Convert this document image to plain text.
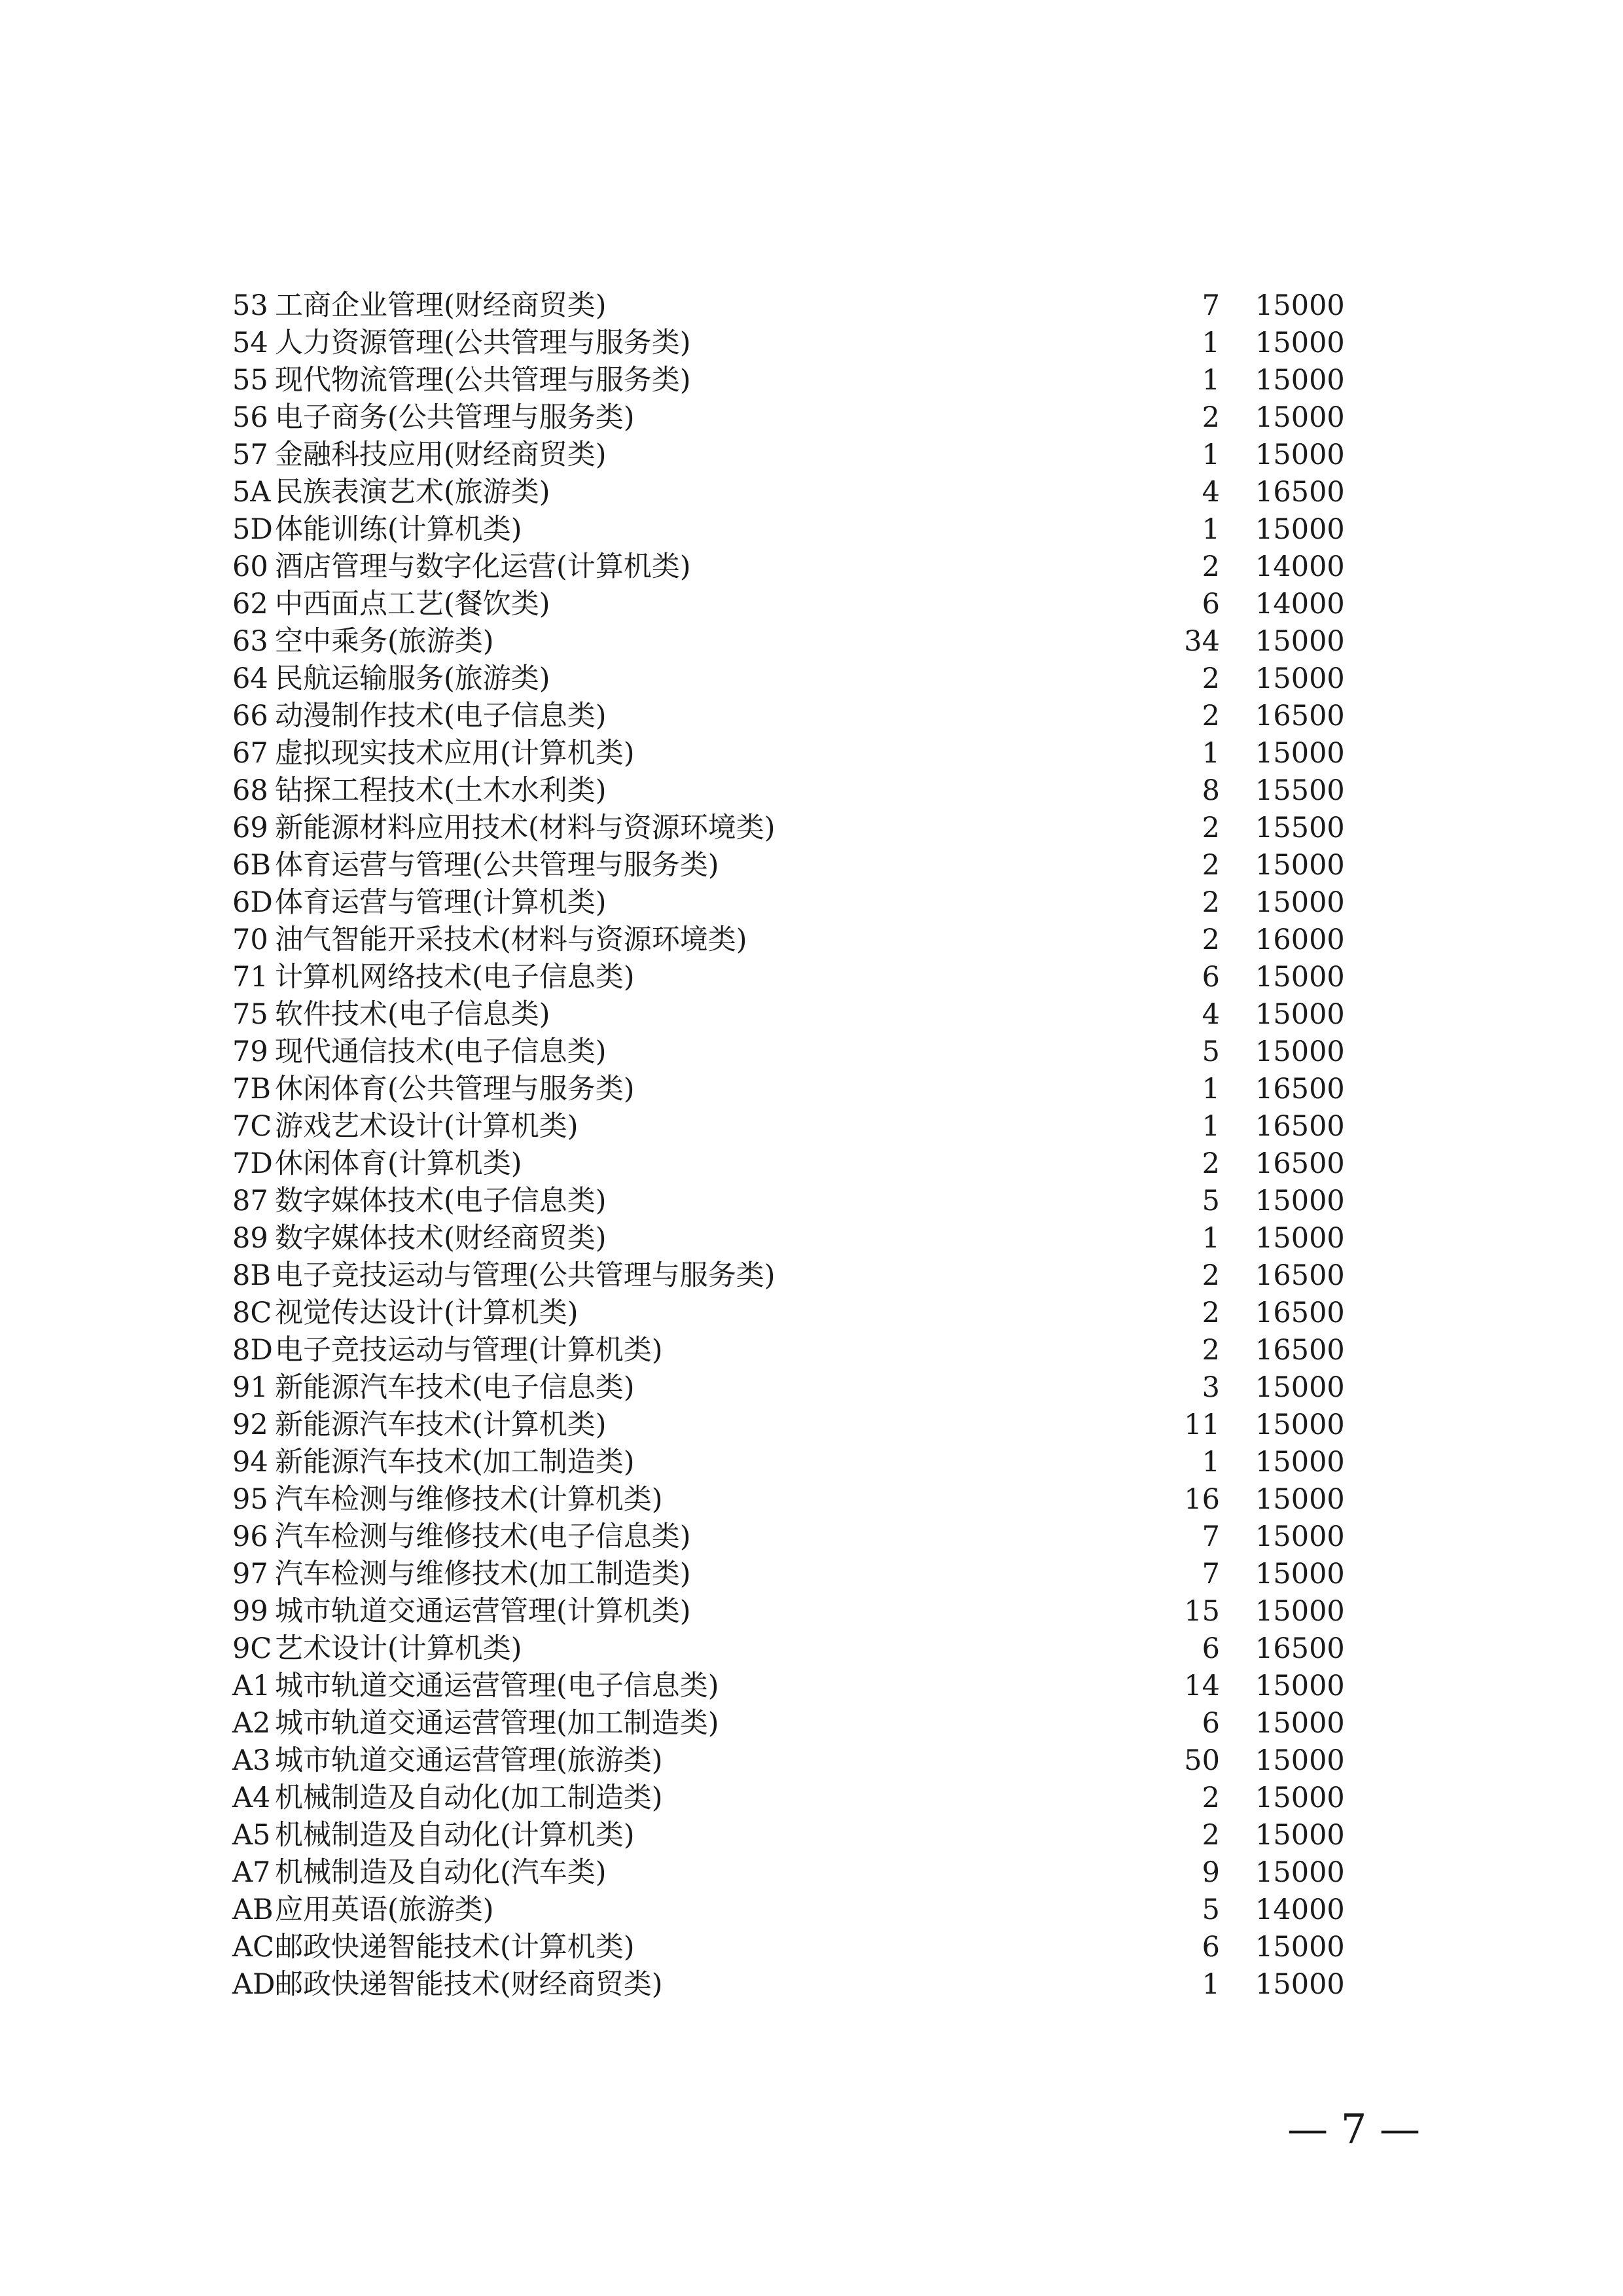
53 工商企业管理(财经商贸类)	7 15000
54 人力资源管理(公共管理与服务类)	1 15000
55 现代物流管理(公共管理与服务类)	1 15000
56 电子商务(公共管理与服务类)	2 15000
57 金融科技应用(财经商贸类)	1 15000
5A 民族表演艺术(旅游类)	4 16500
5D 体能训练(计算机类)	1 15000
60 酒店管理与数字化运营(计算机类)	2 14000
62 中西面点工艺(餐饮类)	6 14000
63 空中乘务(旅游类)	34 15000
64 民航运输服务(旅游类)	2 15000
66 动漫制作技术(电子信息类)	2 16500
67 虚拟现实技术应用(计算机类)	1 15000
68 钻探工程技术(土木水利类)	8 15500
69 新能源材料应用技术(材料与资源环境类)	2 15500
6B 体育运营与管理(公共管理与服务类)	2 15000
6D 体育运营与管理(计算机类)	2 15000
70 油气智能开采技术(材料与资源环境类)	2 16000
71 计算机网络技术(电子信息类)	6 15000
75 软件技术(电子信息类)	4 15000
79 现代通信技术(电子信息类)	5 15000
7B 休闲体育(公共管理与服务类)	1 16500
7C 游戏艺术设计(计算机类)	1 16500
7D 休闲体育(计算机类)	2 16500
87 数字媒体技术(电子信息类)	5 15000
89 数字媒体技术(财经商贸类)	1 15000
8B 电子竞技运动与管理(公共管理与服务类)	2 16500
8C 视觉传达设计(计算机类)	2 16500
8D 电子竞技运动与管理(计算机类)	2 16500
91 新能源汽车技术(电子信息类)	3 15000
92 新能源汽车技术(计算机类)	11 15000
94 新能源汽车技术(加工制造类)	1 15000
95 汽车检测与维修技术(计算机类)	16 15000
96 汽车检测与维修技术(电子信息类)	7 15000
97 汽车检测与维修技术(加工制造类)	7 15000
99 城市轨道交通运营管理(计算机类)	15 15000
9C 艺术设计(计算机类)	6 16500
A1 城市轨道交通运营管理(电子信息类)	14 15000
A2 城市轨道交通运营管理(加工制造类)	6 15000
A3 城市轨道交通运营管理(旅游类)	50 15000
A4 机械制造及自动化(加工制造类)	2 15000
A5 机械制造及自动化(计算机类)	2 15000
A7 机械制造及自动化(汽车类)	9 15000
AB 应用英语(旅游类)	5 14000
AC 邮政快递智能技术(计算机类)	6 15000
AD 邮政快递智能技术(财经商贸类)	1 15000
— 7 —
